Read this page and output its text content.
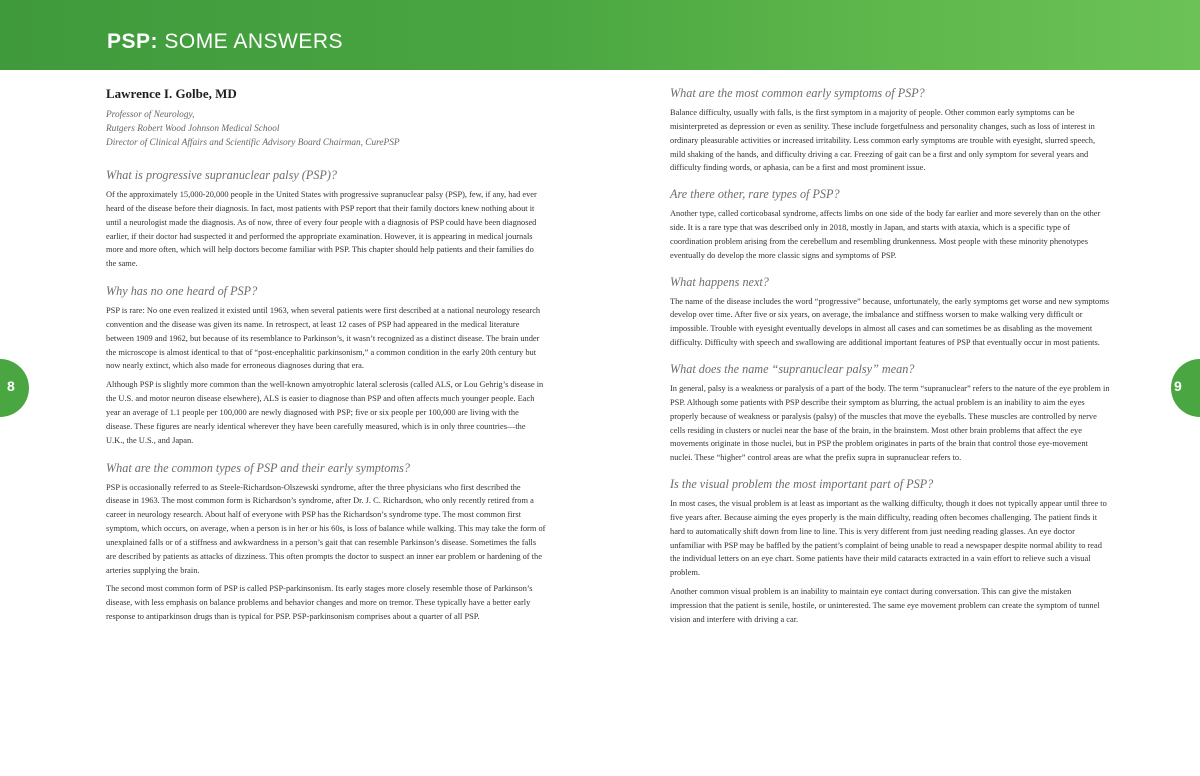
PSP: SOME ANSWERS
8	9
Lawrence I. Golbe, MD
Professor of Neurology,
Rutgers Robert Wood Johnson Medical School
Director of Clinical Affairs and Scientific Advisory Board Chairman, CurePSP
What is progressive supranuclear palsy (PSP)?

Of the approximately 15,000-20,000 people in the United States with progressive supranuclear palsy (PSP), few, if any, had ever heard of the disease before their diagnosis. In fact, most patients with PSP report that their family doctors knew nothing about it until a neurologist made the diagnosis. As of now, three of every four people with a diagnosis of PSP could have been diagnosed earlier, if their doctor had suspected it and performed the appropriate examination. However, it is appearing in medical journals more and more often, which will help doctors become familiar with PSP. This chapter should help patients and their families do the same.

Why has no one heard of PSP?

PSP is rare: No one even realized it existed until 1963, when several patients were first described at a national neurology research convention and the disease was given its name. In retrospect, at least 12 cases of PSP had appeared in the medical literature between 1909 and 1962, but because of its resemblance to Parkinson’s, it wasn’t recognized as a distinct disease. The brain under the microscope is almost identical to that of “post-encephalitic parkinsonism,” a common condition in the early 20th century but now nearly extinct, which also made for erroneous diagnoses during that era.

Although PSP is slightly more common than the well-known amyotrophic lateral sclerosis (called ALS, or Lou Gehrig’s disease in the U.S. and motor neuron disease elsewhere), ALS is easier to diagnose than PSP and often affects much younger people. Each year an average of 1.1 people per 100,000 are newly diagnosed with PSP; five or six people per 100,000 are living with the disease. These figures are nearly identical wherever they have been carefully measured, which is in only three countries—the U.K., the U.S., and Japan.

What are the common types of PSP and their early symptoms?

PSP is occasionally referred to as Steele-Richardson-Olszewski syndrome, after the three physicians who first described the disease in 1963. The most common form is Richardson’s syndrome, after Dr. J. C. Richardson, who only recently retired from a career in neurology research. About half of everyone with PSP has the Richardson’s syndrome type. The most common first symptom, which occurs, on average, when a person is in her or his 60s, is loss of balance while walking. This may take the form of unexplained falls or of a stiffness and awkwardness in a person’s gait that can resemble Parkinson’s disease. Sometimes the falls are described by patients as attacks of dizziness. This often prompts the doctor to suspect an inner ear problem or hardening of the arteries supplying the brain.

The second most common form of PSP is called PSP-parkinsonism. Its early stages more closely resemble those of Parkinson’s disease, with less emphasis on balance problems and behavior changes and more on tremor. These typically have a better early response to antiparkinson drugs than is typical for PSP. PSP-parkinsonism comprises about a quarter of all PSP.

What are the most common early symptoms of PSP?

Balance difficulty, usually with falls, is the first symptom in a majority of people. Other common early symptoms can be misinterpreted as depression or even as senility. These include forgetfulness and personality changes, such as loss of interest in ordinary pleasurable activities or increased irritability. Less common early symptoms are trouble with eyesight, slurred speech, mild shaking of the hands, and difficulty driving a car. Freezing of gait can be a first and only symptom for several years and difficulty finding words, or aphasia, can be a first and most prominent issue.

Are there other, rare types of PSP?

Another type, called corticobasal syndrome, affects limbs on one side of the body far earlier and more severely than on the other side. It is a rare type that was described only in 2018, mostly in Japan, and starts with ataxia, which is a specific type of coordination problem arising from the cerebellum and resembling drunkenness. Most people with these minority phenotypes eventually do develop the more classic signs and symptoms of PSP.

What happens next?

The name of the disease includes the word “progressive” because, unfortunately, the early symptoms get worse and new symptoms develop over time. After five or six years, on average, the imbalance and stiffness worsen to make walking very difficult or impossible. Trouble with eyesight eventually develops in almost all cases and can sometimes be as disabling as the movement difficulty. Difficulty with speech and swallowing are additional important features of PSP that eventually occur in most patients.

What does the name “supranuclear palsy” mean?

In general, palsy is a weakness or paralysis of a part of the body. The term “supranuclear” refers to the nature of the eye problem in PSP. Although some patients with PSP describe their symptom as blurring, the actual problem is an inability to aim the eyes properly because of weakness or paralysis (palsy) of the muscles that move the eyeballs. These muscles are controlled by nerve cells residing in clusters or nuclei near the base of the brain, in the brainstem. Most other brain problems that affect the eye movements originate in those nuclei, but in PSP the problem originates in parts of the brain that control those eye-movement nuclei. These “higher” control areas are what the prefix supra in supranuclear refers to.

Is the visual problem the most important part of PSP?

In most cases, the visual problem is at least as important as the walking difficulty, though it does not typically appear until three to five years after. Because aiming the eyes properly is the main difficulty, reading often becomes challenging. The patient finds it hard to automatically shift down from line to line. This is very different from just needing reading glasses. An eye doctor unfamiliar with PSP may be baffled by the patient’s complaint of being unable to read a newspaper despite normal ability to read the individual letters on an eye chart. Some patients have their mild cataracts extracted in a vain effort to relieve such a visual problem.

Another common visual problem is an inability to maintain eye contact during conversation. This can give the mistaken impression that the patient is senile, hostile, or uninterested. The same eye movement problem can create the symptom of tunnel vision and interfere with driving a car.
